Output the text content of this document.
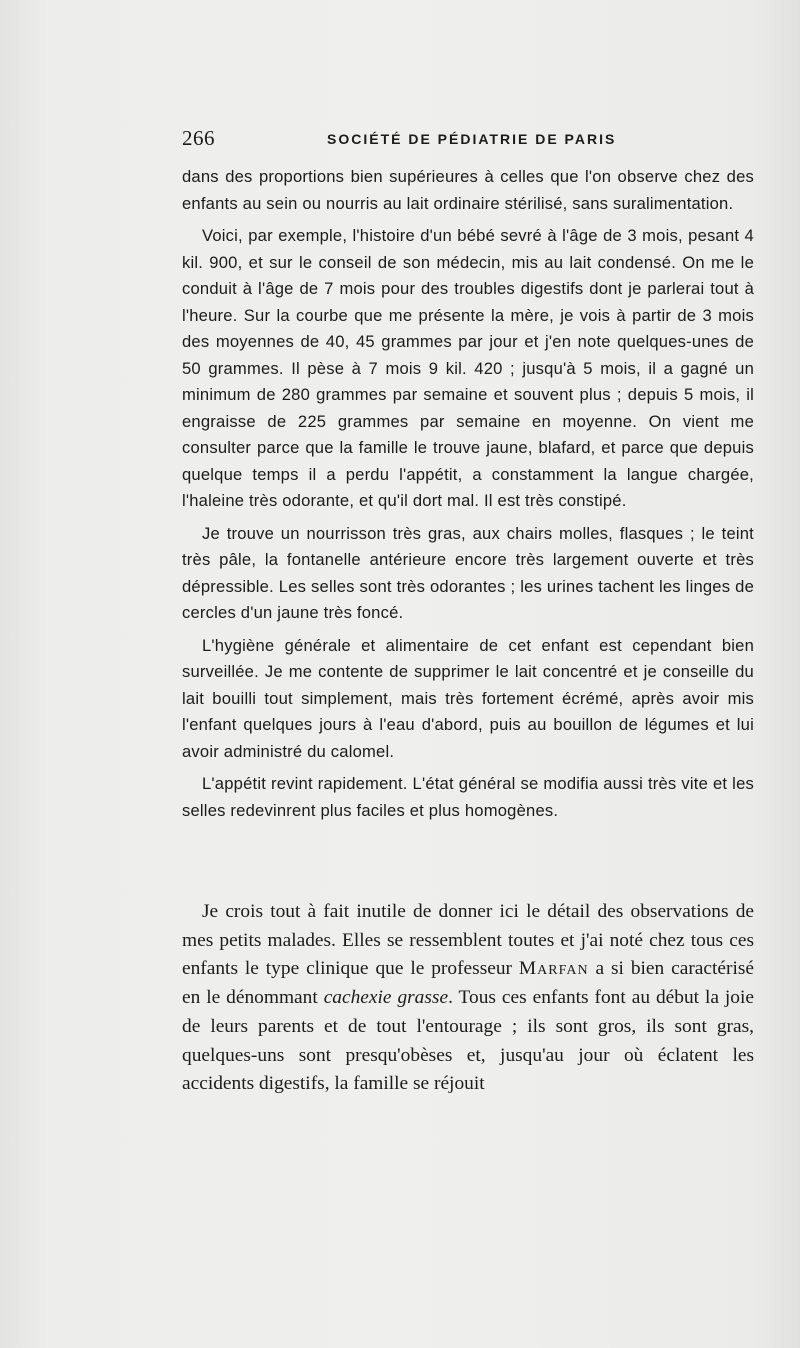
266	SOCIÉTÉ DE PÉDIATRIE DE PARIS

dans des proportions bien supérieures à celles que l'on observe chez des enfants au sein ou nourris au lait ordinaire stérilisé, sans suralimentation.

Voici, par exemple, l'histoire d'un bébé sevré à l'âge de 3 mois, pesant 4 kil. 900, et sur le conseil de son médecin, mis au lait condensé. On me le conduit à l'âge de 7 mois pour des troubles digestifs dont je parlerai tout à l'heure. Sur la courbe que me présente la mère, je vois à partir de 3 mois des moyennes de 40, 45 grammes par jour et j'en note quelques-unes de 50 grammes. Il pèse à 7 mois 9 kil. 420 ; jusqu'à 5 mois, il a gagné un minimum de 280 grammes par semaine et souvent plus ; depuis 5 mois, il engraisse de 225 grammes par semaine en moyenne. On vient me consulter parce que la famille le trouve jaune, blafard, et parce que depuis quelque temps il a perdu l'appétit, a constamment la langue chargée, l'haleine très odorante, et qu'il dort mal. Il est très constipé.

Je trouve un nourrisson très gras, aux chairs molles, flasques ; le teint très pâle, la fontanelle antérieure encore très largement ouverte et très dépressible. Les selles sont très odorantes ; les urines tachent les linges de cercles d'un jaune très foncé.

L'hygiène générale et alimentaire de cet enfant est cependant bien surveillée. Je me contente de supprimer le lait concentré et je conseille du lait bouilli tout simplement, mais très fortement écrémé, après avoir mis l'enfant quelques jours à l'eau d'abord, puis au bouillon de légumes et lui avoir administré du calomel.

L'appétit revint rapidement. L'état général se modifia aussi très vite et les selles redevinrent plus faciles et plus homogènes.

Je crois tout à fait inutile de donner ici le détail des observations de mes petits malades. Elles se ressemblent toutes et j'ai noté chez tous ces enfants le type clinique que le professeur Marfan a si bien caractérisé en le dénommant cachexie grasse. Tous ces enfants font au début la joie de leurs parents et de tout l'entourage ; ils sont gros, ils sont gras, quelques-uns sont presqu'obèses et, jusqu'au jour où éclatent les accidents digestifs, la famille se réjouit
